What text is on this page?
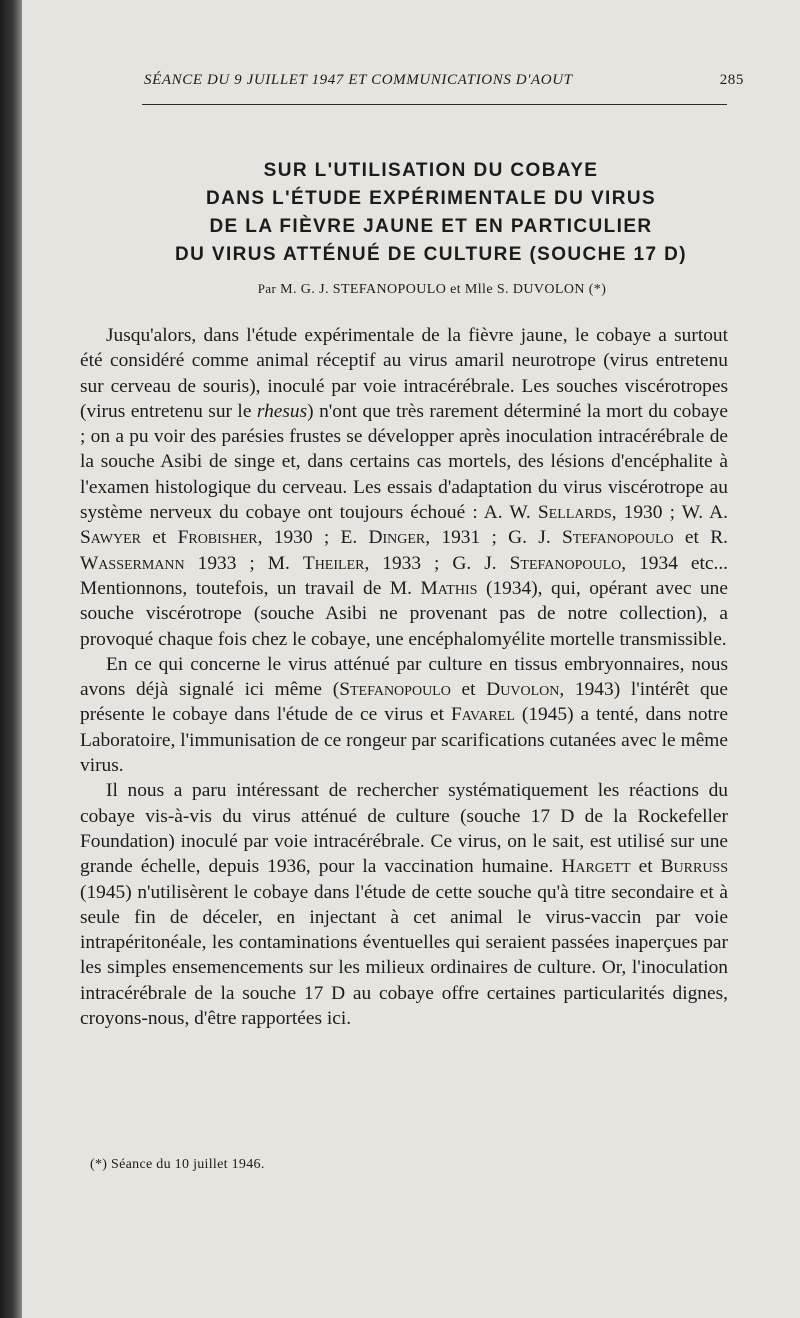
SÉANCE DU 9 JUILLET 1947 ET COMMUNICATIONS D'AOUT	285
SUR L'UTILISATION DU COBAYE
DANS L'ÉTUDE EXPÉRIMENTALE DU VIRUS
DE LA FIÈVRE JAUNE ET EN PARTICULIER
DU VIRUS ATTÉNUÉ DE CULTURE (SOUCHE 17 D)
Par M. G. J. STEFANOPOULO et Mlle S. DUVOLON (*)

Jusqu'alors, dans l'étude expérimentale de la fièvre jaune, le cobaye a surtout été considéré comme animal réceptif au virus amaril neurotrope (virus entretenu sur cerveau de souris), inoculé par voie intracérébrale. Les souches viscérotropes (virus entretenu sur le rhesus) n'ont que très rarement déterminé la mort du cobaye ; on a pu voir des parésies frustes se développer après inoculation intracérébrale de la souche Asibi de singe et, dans certains cas mortels, des lésions d'encéphalite à l'examen histologique du cerveau. Les essais d'adaptation du virus viscérotrope au système nerveux du cobaye ont toujours échoué : A. W. Sellards, 1930 ; W. A. Sawyer et Frobisher, 1930 ; E. Dinger, 1931 ; G. J. Stefanopoulo et R. Wassermann 1933 ; M. Theiler, 1933 ; G. J. Stefanopoulo, 1934 etc... Mentionnons, toutefois, un travail de M. Mathis (1934), qui, opérant avec une souche viscérotrope (souche Asibi ne provenant pas de notre collection), a provoqué chaque fois chez le cobaye, une encéphalomyélite mortelle transmissible.

En ce qui concerne le virus atténué par culture en tissus embryonnaires, nous avons déjà signalé ici même (Stefanopoulo et Duvolon, 1943) l'intérêt que présente le cobaye dans l'étude de ce virus et Favarel (1945) a tenté, dans notre Laboratoire, l'immunisation de ce rongeur par scarifications cutanées avec le même virus.

Il nous a paru intéressant de rechercher systématiquement les réactions du cobaye vis-à-vis du virus atténué de culture (souche 17 D de la Rockefeller Foundation) inoculé par voie intracérébrale. Ce virus, on le sait, est utilisé sur une grande échelle, depuis 1936, pour la vaccination humaine. Hargett et Burruss (1945) n'utilisèrent le cobaye dans l'étude de cette souche qu'à titre secondaire et à seule fin de déceler, en injectant à cet animal le virus-vaccin par voie intrapéritonéale, les contaminations éventuelles qui seraient passées inaperçues par les simples ensemencements sur les milieux ordinaires de culture. Or, l'inoculation intracérébrale de la souche 17 D au cobaye offre certaines particularités dignes, croyons-nous, d'être rapportées ici.

(*) Séance du 10 juillet 1946.
